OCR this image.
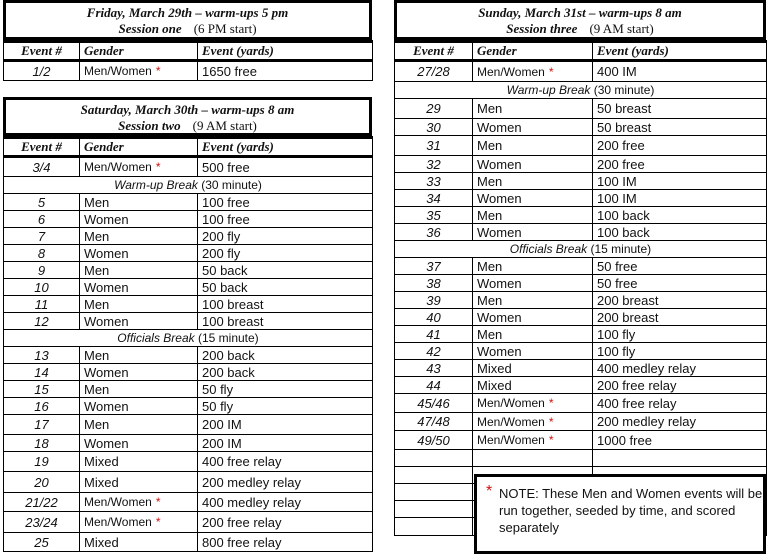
Friday, March 29th – warm-ups 5 pm
Session one (6 PM start)
Event #	Gender	Event (yards)
1/2	Men/Women *	1650 free
Saturday, March 30th – warm-ups 8 am
Session two (9 AM start)
Event #	Gender	Event (yards)
3/4	Men/Women *	500 free
Warm-up Break (30 minute)		
5	Men	100 free
6	Women	100 free
7	Men	200 fly
8	Women	200 fly
9	Men	50 back
10	Women	50 back
11	Men	100 breast
12	Women	100 breast
Officials Break (15 minute)		
13	Men	200 back
14	Women	200 back
15	Men	50 fly
16	Women	50 fly
17	Men	200 IM
18	Women	200 IM
19	Mixed	400 free relay
20	Mixed	200 medley relay
21/22	Men/Women *	400 medley relay
23/24	Men/Women *	200 free relay
25	Mixed	800 free relay
Sunday, March 31st – warm-ups 8 am
Session three (9 AM start)
Event #	Gender	Event (yards)
27/28	Men/Women *	400 IM
Warm-up Break (30 minute)		
29	Men	50 breast
30	Women	50 breast
31	Men	200 free
32	Women	200 free
33	Men	100 IM
34	Women	100 IM
35	Men	100 back
36	Women	100 back
Officials Break (15 minute)		
37	Men	50 free
38	Women	50 free
39	Men	200 breast
40	Women	200 breast
41	Men	100 fly
42	Women	100 fly
43	Mixed	400 medley relay
44	Mixed	200 free relay
45/46	Men/Women *	400 free relay
47/48	Men/Women *	200 medley relay
49/50	Men/Women *	1000 free

* NOTE: These Men and Women events will be run together, seeded by time, and scored separately
